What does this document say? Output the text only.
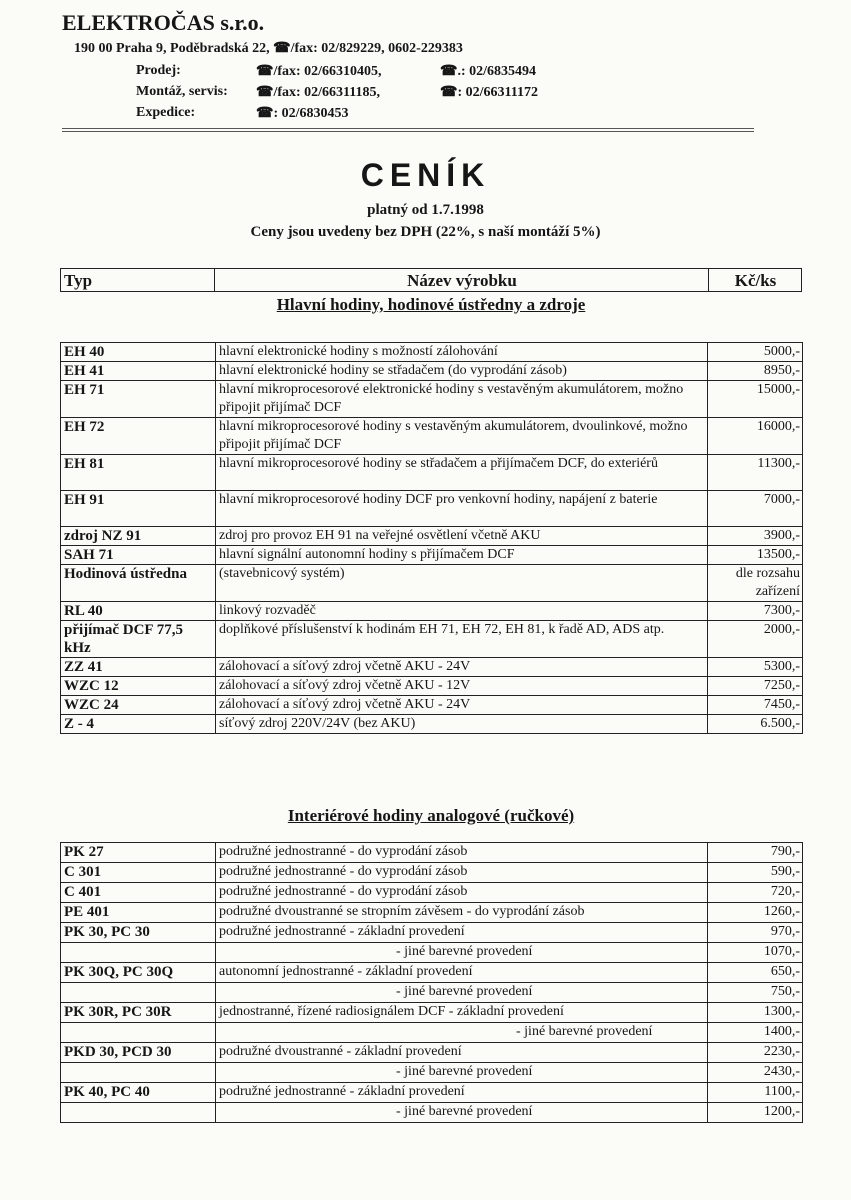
ELEKTROČAS s.r.o.
190 00 Praha 9, Poděbradská 22, ☎/fax: 02/829229, 0602-229383
Prodej:	☎/fax: 02/66310405,	☎.: 02/6835494
Montáž, servis: ☎/fax: 02/66311185,	☎: 02/66311172
Expedice:	☎: 02/6830453
CENÍK
platný od 1.7.1998
Ceny jsou uvedeny bez DPH (22%, s naší montáží 5%)
Typ	Název výrobku	Kč/ks
Hlavní hodiny, hodinové ústředny a zdroje
EH 40	hlavní elektronické hodiny s možností zálohování	5000,-
EH 41	hlavní elektronické hodiny se střadačem (do vyprodání zásob)	8950,-
EH 71	hlavní mikroprocesorové elektronické hodiny s vestavěným akumulátorem, možno připojit přijímač DCF	15000,-
EH 72	hlavní mikroprocesorové hodiny s vestavěným akumulátorem, dvoulinkové, možno připojit přijímač DCF	16000,-
EH 81	hlavní mikroprocesorové hodiny se střadačem a přijímačem DCF, do exteriérů	11300,-
EH 91	hlavní mikroprocesorové hodiny DCF pro venkovní hodiny, napájení z baterie	7000,-
zdroj NZ 91	zdroj pro provoz EH 91 na veřejné osvětlení včetně AKU	3900,-
SAH 71	hlavní signální autonomní hodiny s přijímačem DCF	13500,-
Hodinová ústředna	(stavebnicový systém)	dle rozsahu zařízení
RL 40	linkový rozvaděč	7300,-
přijímač DCF 77,5 kHz	doplňkové příslušenství k hodinám EH 71, EH 72, EH 81, k řadě AD, ADS atp.	2000,-
ZZ 41	zálohovací a síťový zdroj včetně AKU - 24V	5300,-
WZC 12	zálohovací a síťový zdroj včetně AKU - 12V	7250,-
WZC 24	zálohovací a síťový zdroj včetně AKU - 24V	7450,-
Z - 4	síťový zdroj 220V/24V (bez AKU)	6.500,-
Interiérové hodiny analogové (ručkové)
PK 27	podružné jednostranné - do vyprodání zásob	790,-
C 301	podružné jednostranné - do vyprodání zásob	590,-
C 401	podružné jednostranné - do vyprodání zásob	720,-
PE 401	podružné dvoustranné se stropním závěsem - do vyprodání zásob	1260,-
PK 30, PC 30	podružné jednostranné - základní provedení	970,-
	- jiné barevné provedení	1070,-
PK 30Q, PC 30Q	autonomní jednostranné - základní provedení	650,-
	- jiné barevné provedení	750,-
PK 30R, PC 30R	jednostranné, řízené radiosignálem DCF - základní provedení	1300,-
	- jiné barevné provedení	1400,-
PKD 30, PCD 30	podružné dvoustranné - základní provedení	2230,-
	- jiné barevné provedení	2430,-
PK 40, PC 40	podružné jednostranné - základní provedení	1100,-
	- jiné barevné provedení	1200,-
